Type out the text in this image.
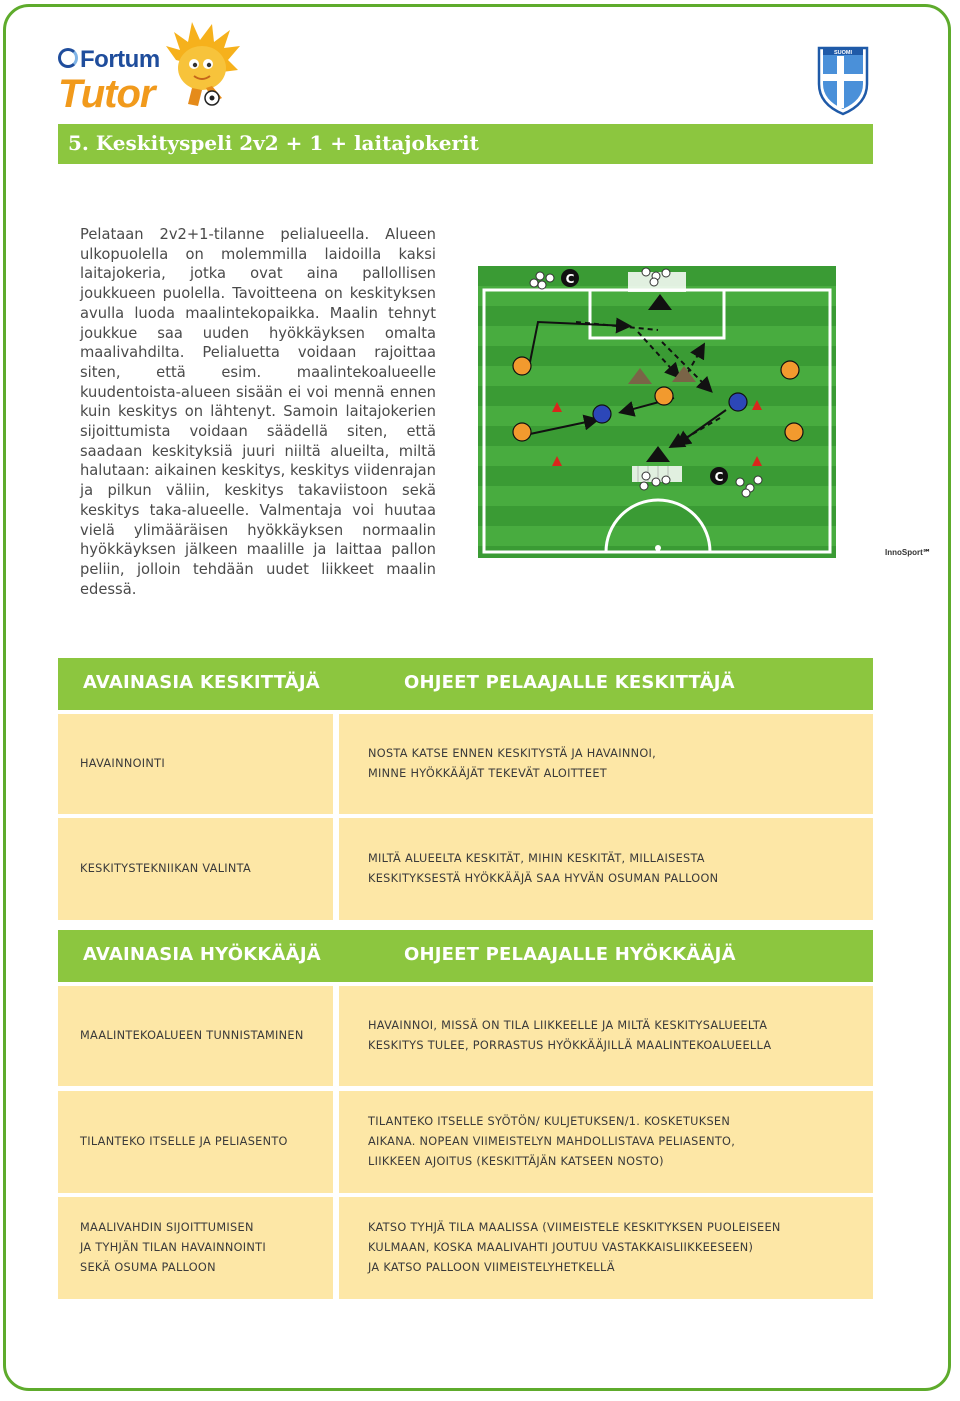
Fortum
Tutor
SUOMI
5. Keskityspeli 2v2 + 1 + laitajokerit

Pelataan 2v2+1-tilanne pelialueella. Alueen ulkopuolella on molemmilla laidoilla kaksi laitajokeria, jotka ovat aina pallollisen joukkueen puolella. Tavoitteena on keskityksen avulla luoda maalintekopaikka. Maalin tehnyt joukkue saa uuden hyökkäyksen omalta maalivahdilta. Pelialuetta voidaan rajoittaa siten, että esim. maalintekoalueelle kuudentoista-alueen sisään ei voi mennä ennen kuin keskitys on lähtenyt. Samoin laitajokerien sijoittumista voidaan säädellä siten, että saadaan keskityksiä juuri niiltä alueilta, miltä halutaan: aikainen keskitys, keskitys viidenrajan ja pilkun väliin, keskitys takaviistoon sekä keskitys taka-alueelle. Valmentaja voi huutaa vielä ylimääräisen hyökkäyksen normaalin hyökkäyksen jälkeen maalille ja laittaa pallon peliin, jolloin tehdään uudet liikkeet maalin edessä.

C
C
InnoSport℠
AVAINASIA KESKITTÄJÄ	OHJEET PELAAJALLE KESKITTÄJÄ
HAVAINNOINTI
NOSTA KATSE ENNEN KESKITYSTÄ JA HAVAINNOI,
MINNE HYÖKKÄÄJÄT TEKEVÄT ALOITTEET
KESKITYSTEKNIIKAN VALINTA
MILTÄ ALUEELTA KESKITÄT, MIHIN KESKITÄT, MILLAISESTA
KESKITYKSESTÄ HYÖKKÄÄJÄ SAA HYVÄN OSUMAN PALLOON
AVAINASIA HYÖKKÄÄJÄ	OHJEET PELAAJALLE HYÖKKÄÄJÄ
MAALINTEKOALUEEN TUNNISTAMINEN
HAVAINNOI, MISSÄ ON TILA LIIKKEELLE JA MILTÄ KESKITYSALUEELTA
KESKITYS TULEE, PORRASTUS HYÖKKÄÄJILLÄ MAALINTEKOALUEELLA
TILANTEKO ITSELLE JA PELIASENTO
TILANTEKO ITSELLE SYÖTÖN/ KULJETUKSEN/1. KOSKETUKSEN
AIKANA. NOPEAN VIIMEISTELYN MAHDOLLISTAVA PELIASENTO,
LIIKKEEN AJOITUS (KESKITTÄJÄN KATSEEN NOSTO)
MAALIVAHDIN SIJOITTUMISEN
JA TYHJÄN TILAN HAVAINNOINTI
SEKÄ OSUMA PALLOON
KATSO TYHJÄ TILA MAALISSA (VIIMEISTELE KESKITYKSEN PUOLEISEEN
KULMAAN, KOSKA MAALIVAHTI JOUTUU VASTAKKAISLIIKKEESEEN)
JA KATSO PALLOON VIIMEISTELYHETKELLÄ
